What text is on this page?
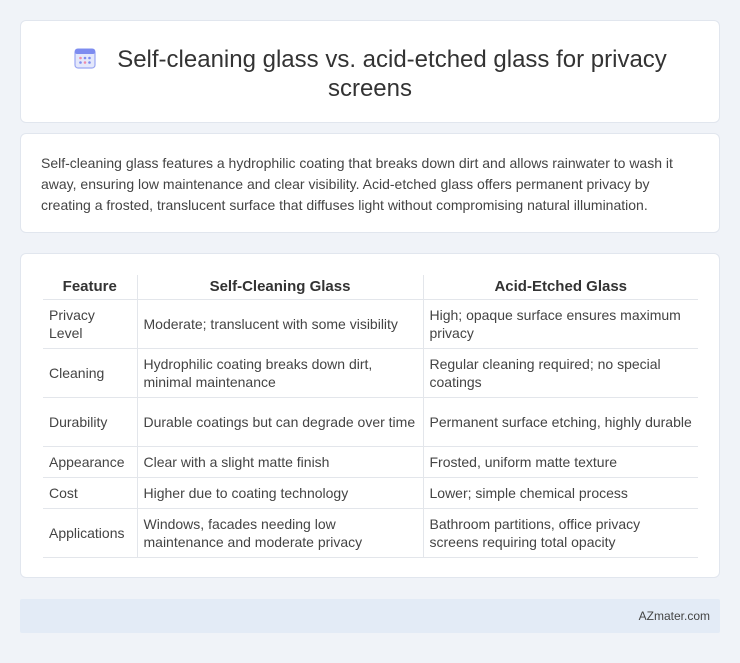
Self-cleaning glass vs. acid-etched glass for privacy screens

Self-cleaning glass features a hydrophilic coating that breaks down dirt and allows rainwater to wash it away, ensuring low maintenance and clear visibility. Acid-etched glass offers permanent privacy by creating a frosted, translucent surface that diffuses light without compromising natural illumination.

Feature	Self-Cleaning Glass	Acid-Etched Glass
Privacy Level	Moderate; translucent with some visibility	High; opaque surface ensures maximum privacy
Cleaning	Hydrophilic coating breaks down dirt, minimal maintenance	Regular cleaning required; no special coatings
Durability	Durable coatings but can degrade over time	Permanent surface etching, highly durable
Appearance	Clear with a slight matte finish	Frosted, uniform matte texture
Cost	Higher due to coating technology	Lower; simple chemical process
Applications	Windows, facades needing low maintenance and moderate privacy	Bathroom partitions, office privacy screens requiring total opacity
AZmater.com
